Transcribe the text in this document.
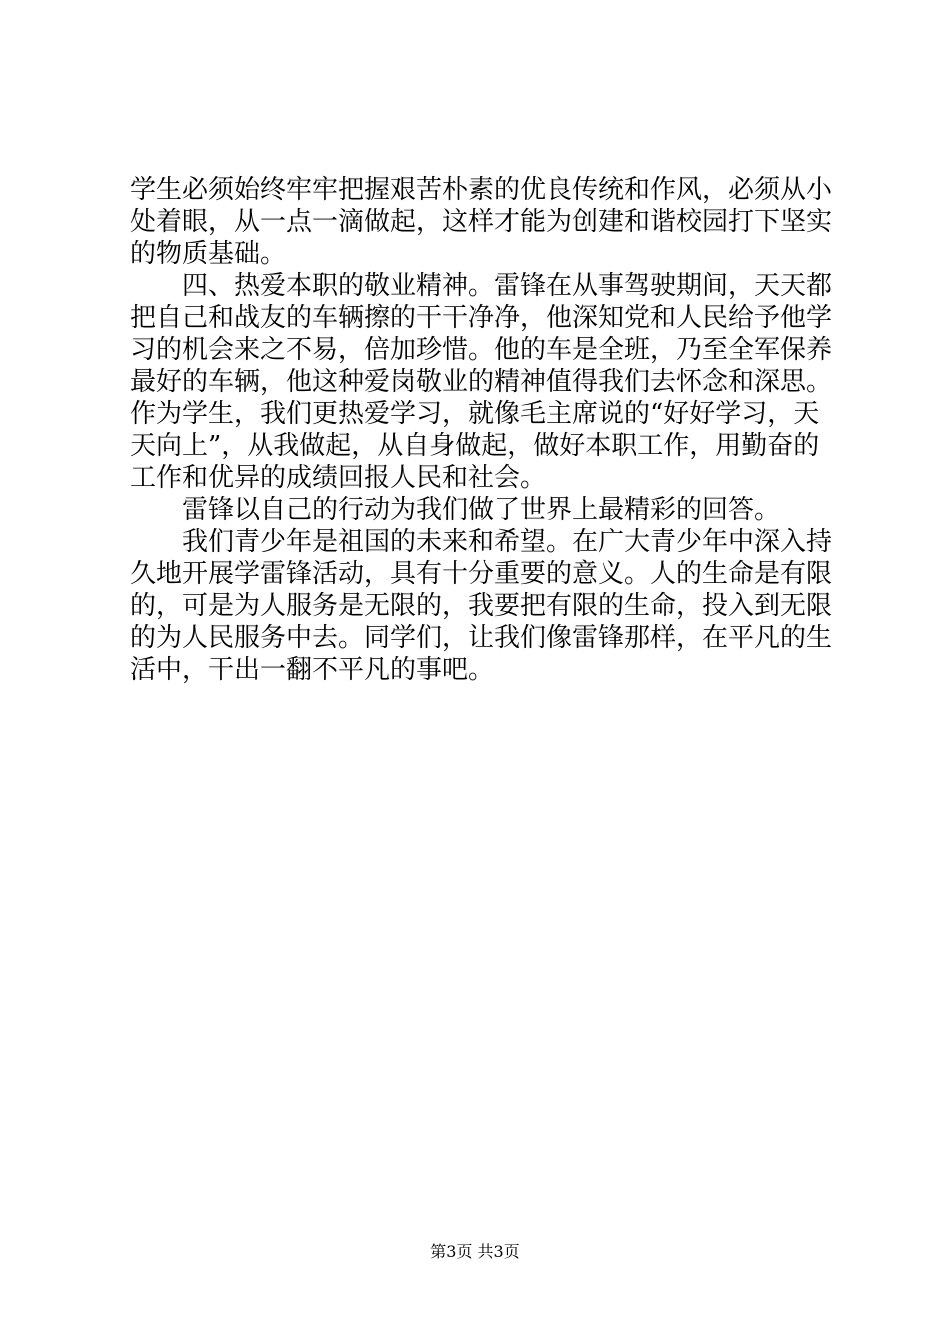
学生必须始终牢牢把握艰苦朴素的优良传统和作风，必须从小
处着眼，从一点一滴做起，这样才能为创建和谐校园打下坚实
的物质基础。
　　四、热爱本职的敬业精神。雷锋在从事驾驶期间，天天都
把自己和战友的车辆擦的干干净净，他深知党和人民给予他学
习的机会来之不易，倍加珍惜。他的车是全班，乃至全军保养
最好的车辆，他这种爱岗敬业的精神值得我们去怀念和深思。
作为学生，我们更热爱学习，就像毛主席说的“好好学习，天
天向上”，从我做起，从自身做起，做好本职工作，用勤奋的
工作和优异的成绩回报人民和社会。
　　雷锋以自己的行动为我们做了世界上最精彩的回答。
　　我们青少年是祖国的未来和希望。在广大青少年中深入持
久地开展学雷锋活动，具有十分重要的意义。人的生命是有限
的，可是为人服务是无限的，我要把有限的生命，投入到无限
的为人民服务中去。同学们，让我们像雷锋那样，在平凡的生
活中，干出一翻不平凡的事吧。
第3页 共3页
